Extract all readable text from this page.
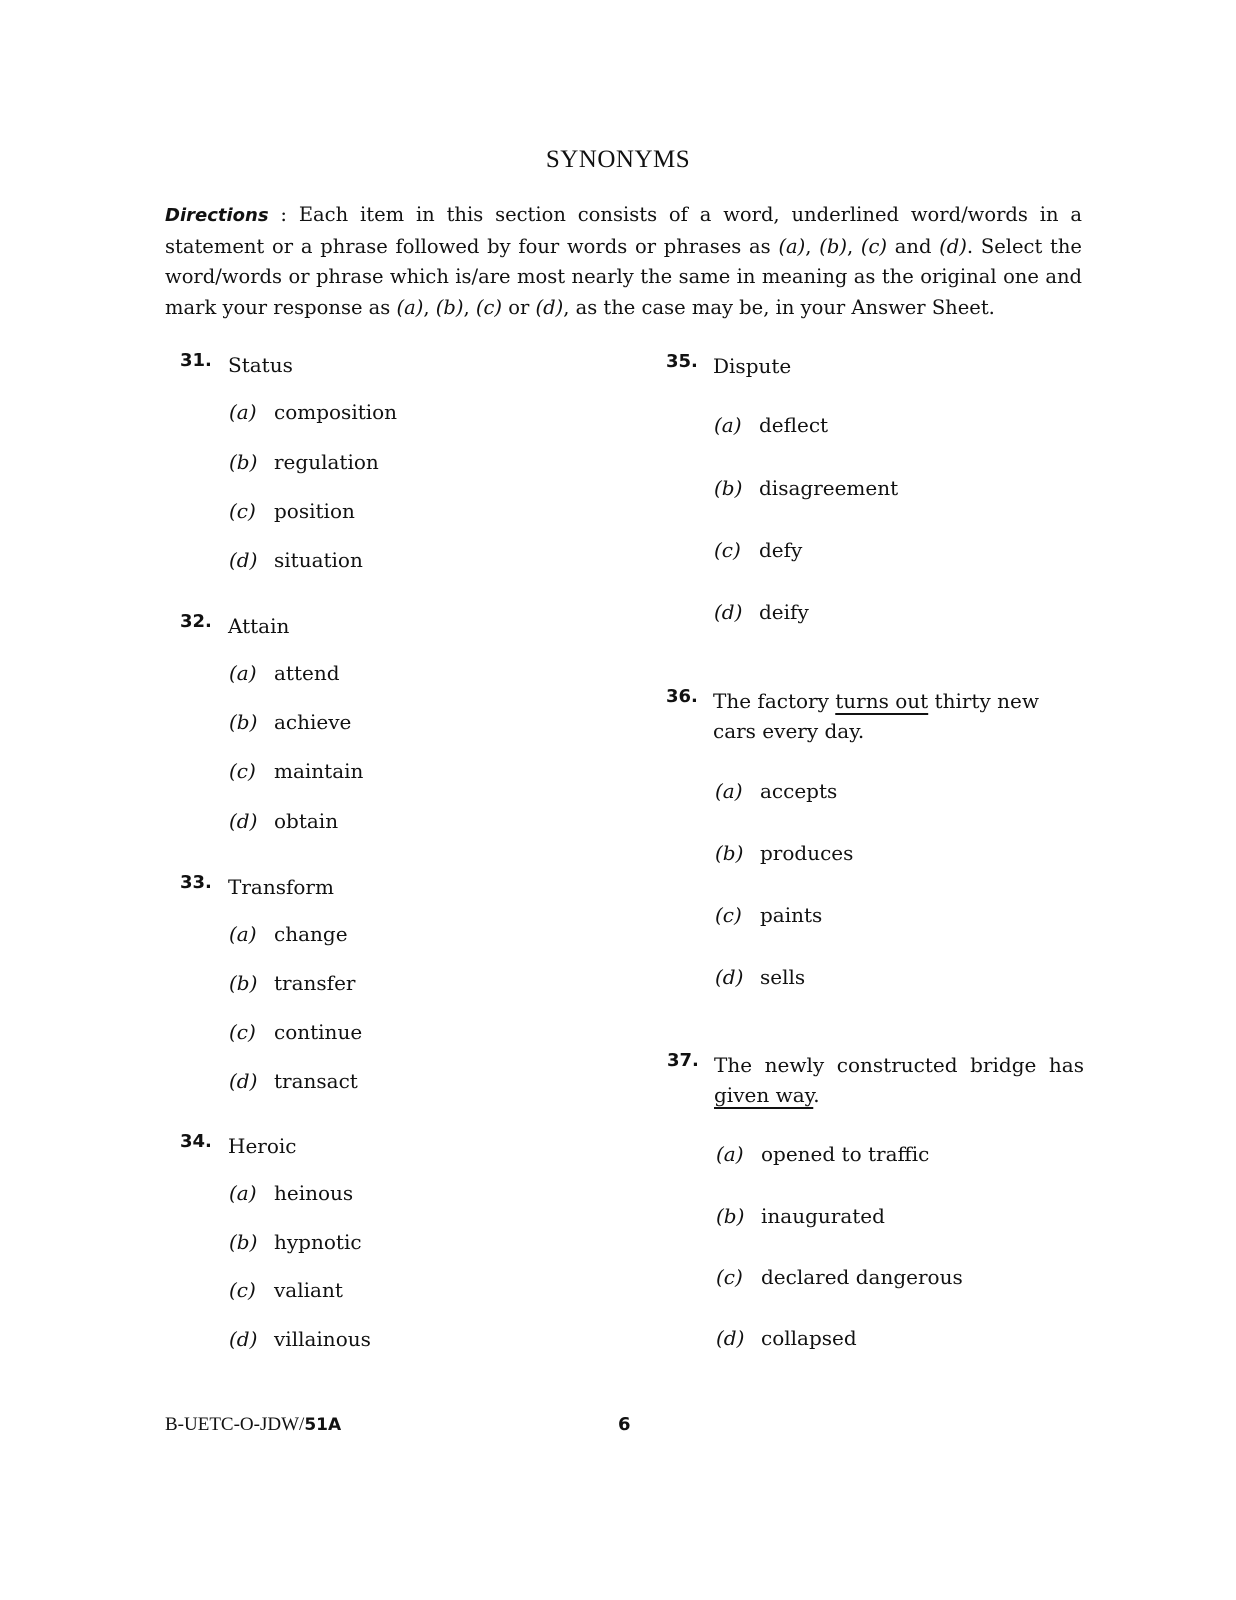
SYNONYMS
Directions : Each item in this section consists of a word, underlined word/words in a statement or a phrase followed by four words or phrases as (a), (b), (c) and (d). Select the word/words or phrase which is/are most nearly the same in meaning as the original one and mark your response as (a), (b), (c) or (d), as the case may be, in your Answer Sheet.
31. Status
(a) composition
(b) regulation
(c) position
(d) situation
32. Attain
(a) attend
(b) achieve
(c) maintain
(d) obtain
33. Transform
(a) change
(b) transfer
(c) continue
(d) transact
34. Heroic
(a) heinous
(b) hypnotic
(c) valiant
(d) villainous
35. Dispute
(a) deflect
(b) disagreement
(c) defy
(d) deify
36. The factory turns out thirty new cars every day.
(a) accepts
(b) produces
(c) paints
(d) sells
37. The newly constructed bridge has given way.
(a) opened to traffic
(b) inaugurated
(c) declared dangerous
(d) collapsed
B-UETC-O-JDW/51A	6
